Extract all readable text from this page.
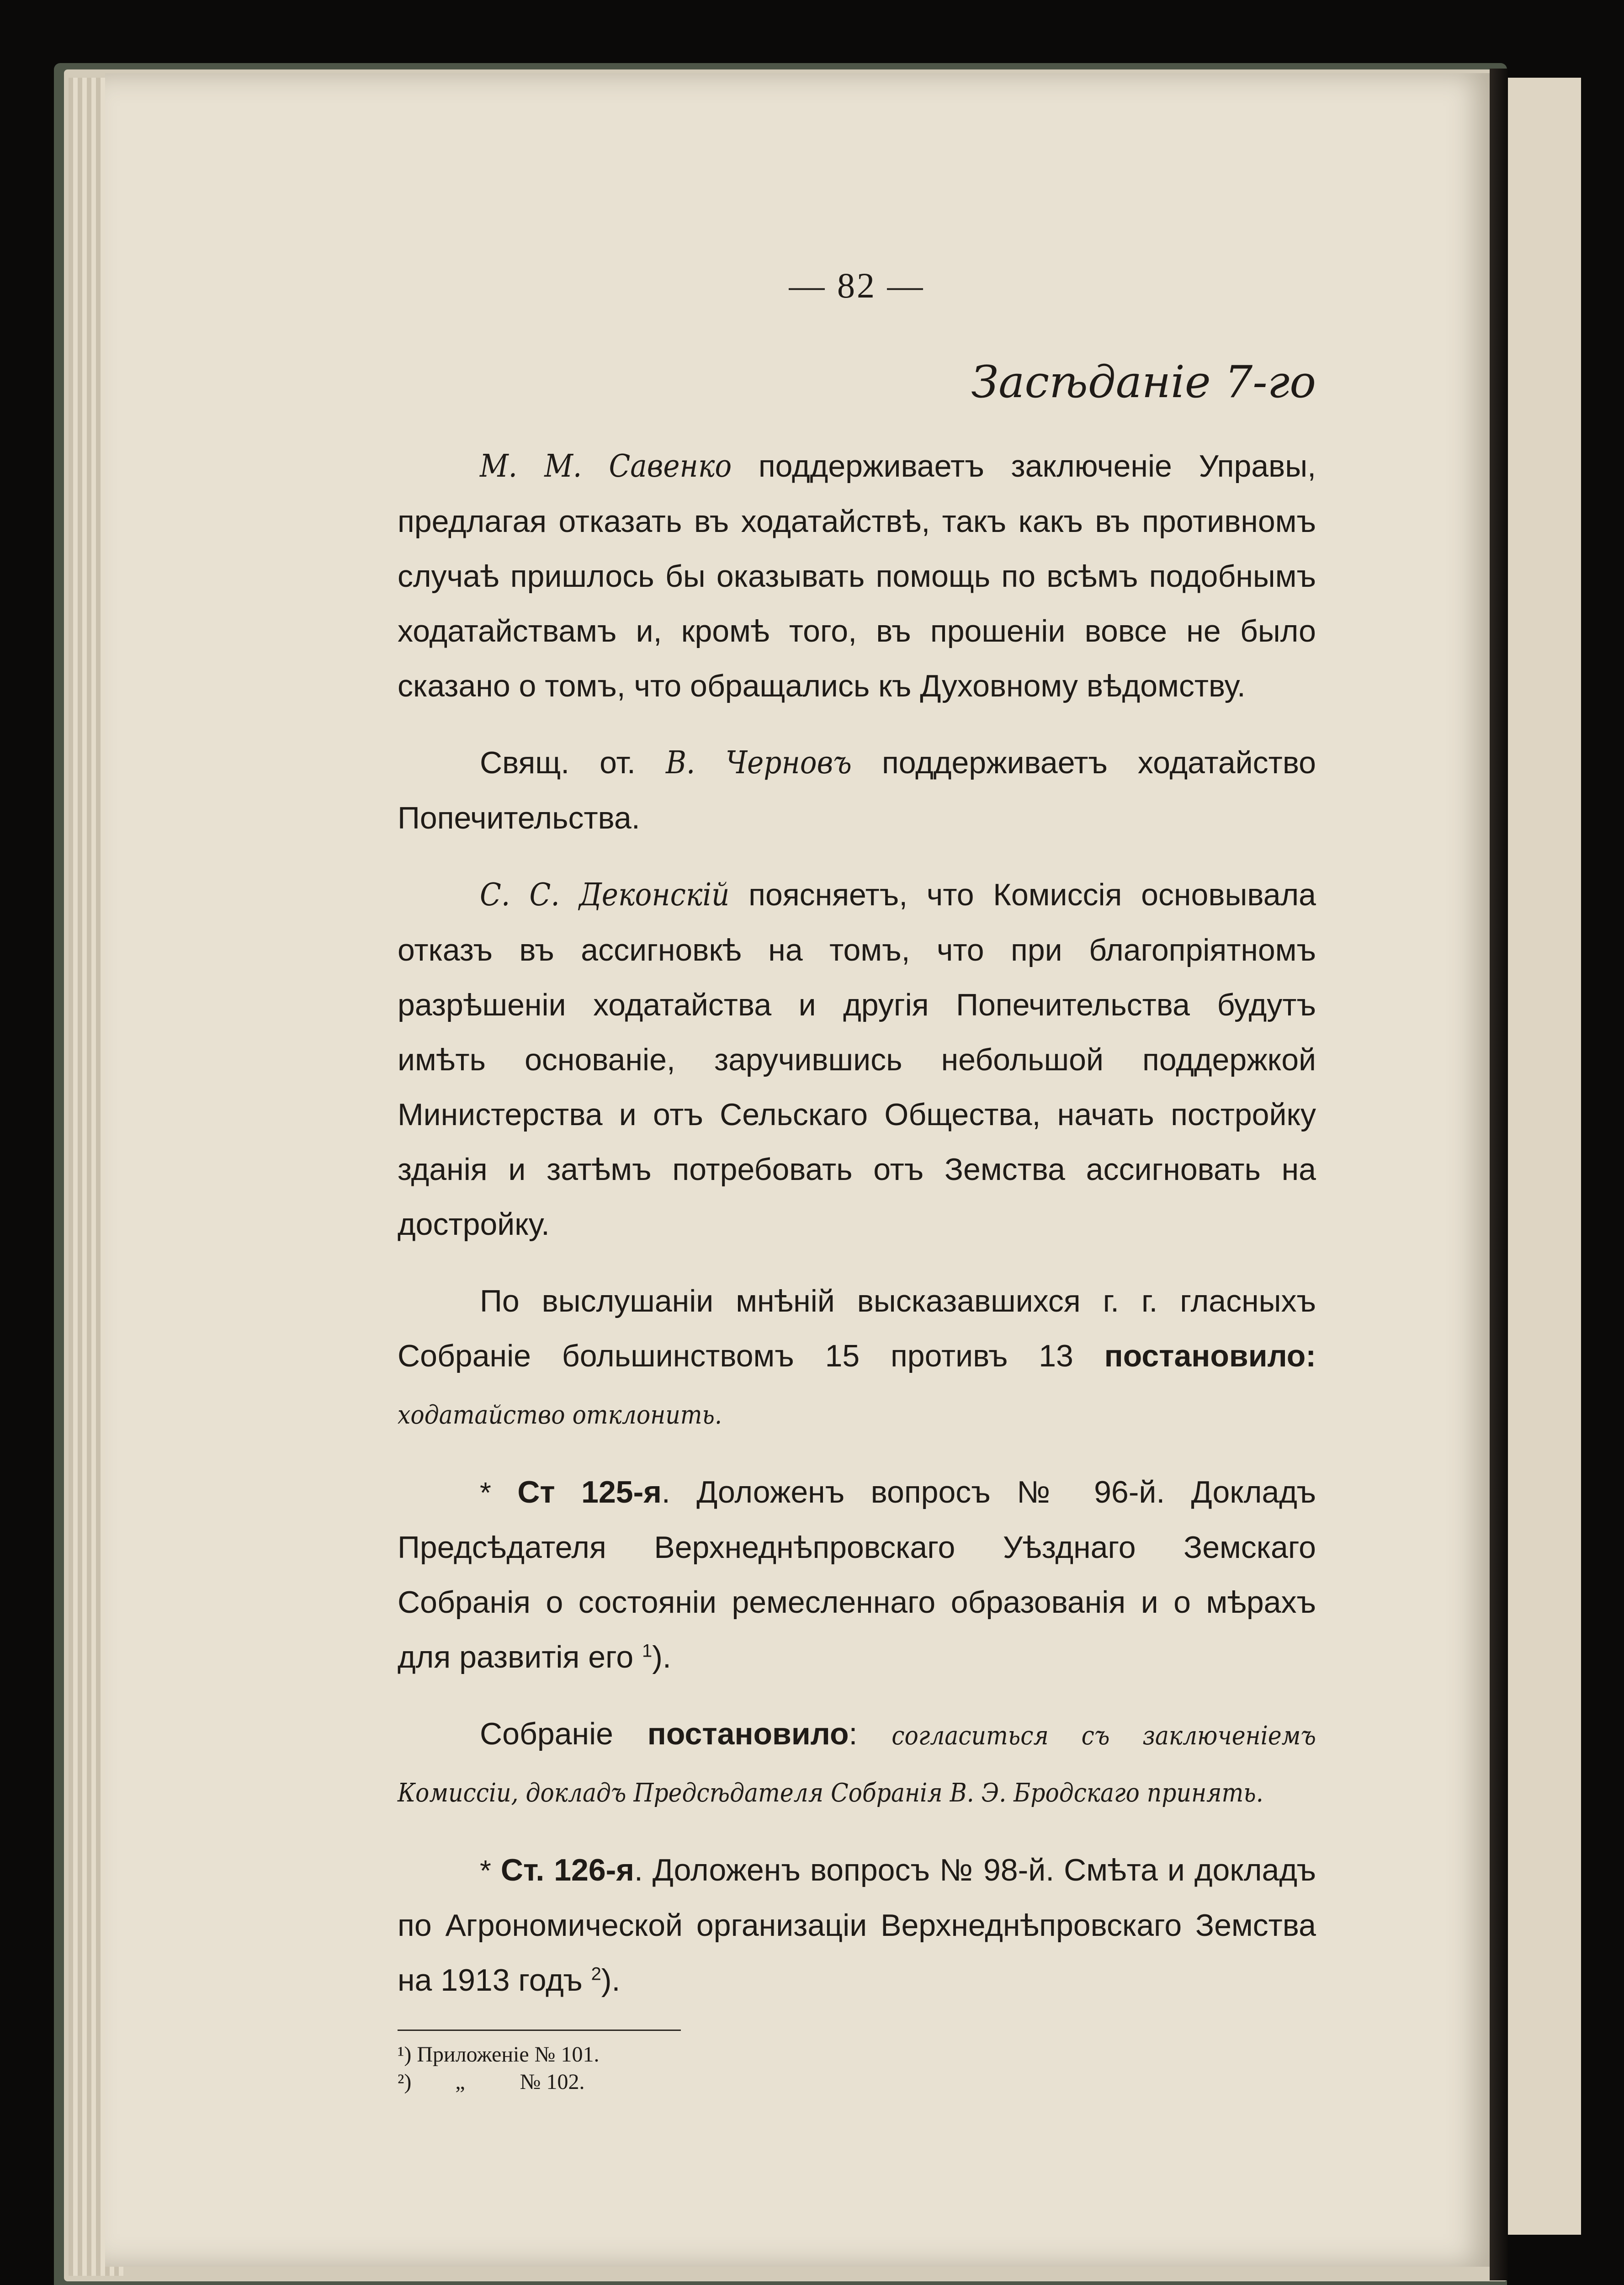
— 82 —
Засѣданіе 7-го

М. М. Савенко поддерживаетъ заключеніе Управы, предлагая отказать въ ходатайствѣ, такъ какъ въ противномъ случаѣ пришлось бы оказывать помощь по всѣмъ подобнымъ ходатайствамъ и, кромѣ того, въ прошеніи вовсе не было сказано о томъ, что обращались къ Духовному вѣдомству.

Свящ. от. В. Черновъ поддерживаетъ ходатайство Попечительства.

С. С. Деконскій поясняетъ, что Комиссія основывала отказъ въ ассигновкѣ на томъ, что при благопріятномъ разрѣшеніи ходатайства и другія Попечительства будутъ имѣть основаніе, заручившись небольшой поддержкой Министерства и отъ Сельскаго Общества, начать постройку зданія и затѣмъ потребовать отъ Земства ассигновать на достройку.

По выслушаніи мнѣній высказавшихся г. г. гласныхъ Собраніе большинствомъ 15 противъ 13 постановило: ходатайство отклонить.

* Ст 125-я. Доложенъ вопросъ № 96-й. Докладъ Предсѣдателя Верхнеднѣпровскаго Уѣзднаго Земскаго Собранія о состояніи ремесленнаго образованія и о мѣрахъ для развитія его $^1$).

Собраніе постановило: согласиться съ заключеніемъ Комиссіи, докладъ Предсѣдателя Собранія В. Э. Бродскаго принять.

* Ст. 126-я. Доложенъ вопросъ № 98-й. Смѣта и докладъ по Агрономической организаціи Верхнеднѣпровскаго Земства на 1913 годъ $^2$).

¹) Приложеніе № 101.
²)        „          № 102.
